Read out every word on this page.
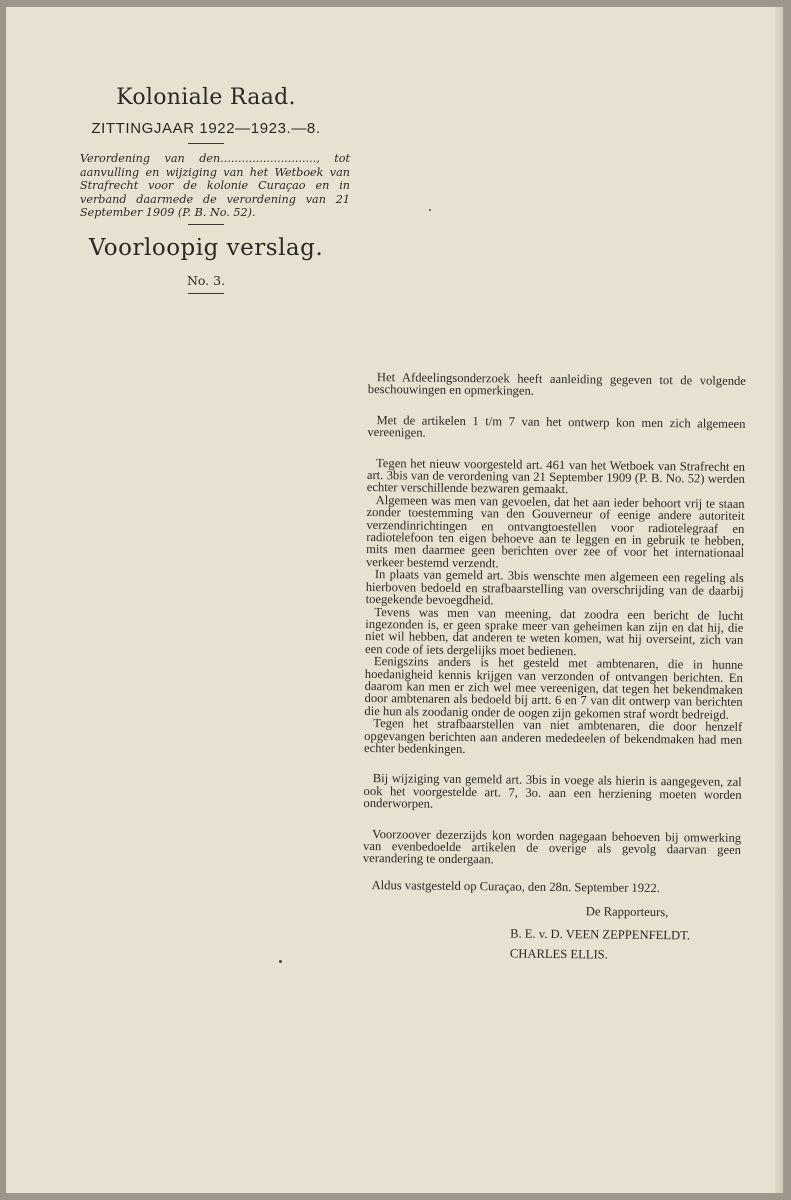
Koloniale Raad.
ZITTINGJAAR 1922—1923.—8.
Verordening van den..........................., tot aanvulling en wijziging van het Wetboek van Strafrecht voor de kolonie Curaçao en in verband daarmede de verordening van 21 September 1909 (P. B. No. 52).
Voorloopig verslag.
No. 3.

Het Afdeelingsonderzoek heeft aanleiding gegeven tot de volgende beschouwingen en opmerkingen.

Met de artikelen 1 t/m 7 van het ontwerp kon men zich algemeen vereenigen.

Tegen het nieuw voorgesteld art. 461 van het Wetboek van Strafrecht en art. 3bis van de verordening van 21 September 1909 (P. B. No. 52) werden echter verschillende bezwaren gemaakt.

Algemeen was men van gevoelen, dat het aan ieder behoort vrij te staan zonder toestemming van den Gouverneur of eenige andere autoriteit verzendinrichtingen en ontvangtoestellen voor radiotelegraaf en radiotelefoon ten eigen behoeve aan te leggen en in gebruik te hebben, mits men daarmee geen berichten over zee of voor het internationaal verkeer bestemd verzendt.

In plaats van gemeld art. 3bis wenschte men algemeen een regeling als hierboven bedoeld en strafbaarstelling van overschrijding van de daarbij toegekende bevoegdheid.

Tevens was men van meening, dat zoodra een bericht de lucht ingezonden is, er geen sprake meer van geheimen kan zijn en dat hij, die niet wil hebben, dat anderen te weten komen, wat hij overseint, zich van een code of iets dergelijks moet bedienen.

Eenigszins anders is het gesteld met ambtenaren, die in hunne hoedanigheid kennis krijgen van verzonden of ontvangen berichten. En daarom kan men er zich wel mee vereenigen, dat tegen het bekendmaken door ambtenaren als bedoeld bij artt. 6 en 7 van dit ontwerp van berichten die hun als zoodanig onder de oogen zijn gekomen straf wordt bedreigd.

Tegen het strafbaarstellen van niet ambtenaren, die door henzelf opgevangen berichten aan anderen mededeelen of bekendmaken had men echter bedenkingen.

Bij wijziging van gemeld art. 3bis in voege als hierin is aangegeven, zal ook het voorgestelde art. 7, 3o. aan een herziening moeten worden onderworpen.

Voorzoover dezerzijds kon worden nagegaan behoeven bij omwerking van evenbedoelde artikelen de overige als gevolg daarvan geen verandering te ondergaan.

Aldus vastgesteld op Curaçao, den 28n. September 1922.
De Rapporteurs,
B. E. v. D. VEEN ZEPPENFELDT.
CHARLES ELLIS.
